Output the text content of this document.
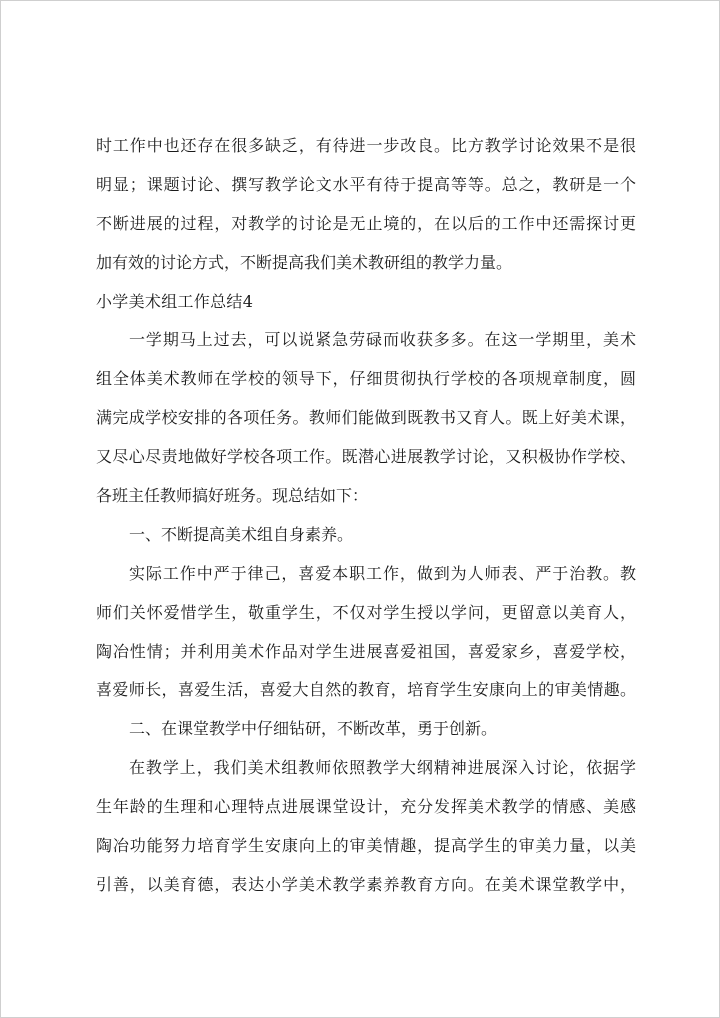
时工作中也还存在很多缺乏，有待进一步改良。比方教学讨论效果不是很
明显；课题讨论、撰写教学论文水平有待于提高等等。总之，教研是一个
不断进展的过程，对教学的讨论是无止境的，在以后的工作中还需探讨更
加有效的讨论方式，不断提高我们美术教研组的教学力量。
小学美术组工作总结4
一学期马上过去，可以说紧急劳碌而收获多多。在这一学期里，美术
组全体美术教师在学校的领导下，仔细贯彻执行学校的各项规章制度，圆
满完成学校安排的各项任务。教师们能做到既教书又育人。既上好美术课，
又尽心尽责地做好学校各项工作。既潜心进展教学讨论，又积极协作学校、
各班主任教师搞好班务。现总结如下：
一、不断提高美术组自身素养。
实际工作中严于律己，喜爱本职工作，做到为人师表、严于治教。教
师们关怀爱惜学生，敬重学生，不仅对学生授以学问，更留意以美育人，
陶冶性情；并利用美术作品对学生进展喜爱祖国，喜爱家乡，喜爱学校，
喜爱师长，喜爱生活，喜爱大自然的教育，培育学生安康向上的审美情趣。
二、在课堂教学中仔细钻研，不断改革，勇于创新。
在教学上，我们美术组教师依照教学大纲精神进展深入讨论，依据学
生年龄的生理和心理特点进展课堂设计，充分发挥美术教学的情感、美感
陶冶功能努力培育学生安康向上的审美情趣，提高学生的审美力量，以美
引善，以美育德，表达小学美术教学素养教育方向。在美术课堂教学中，
